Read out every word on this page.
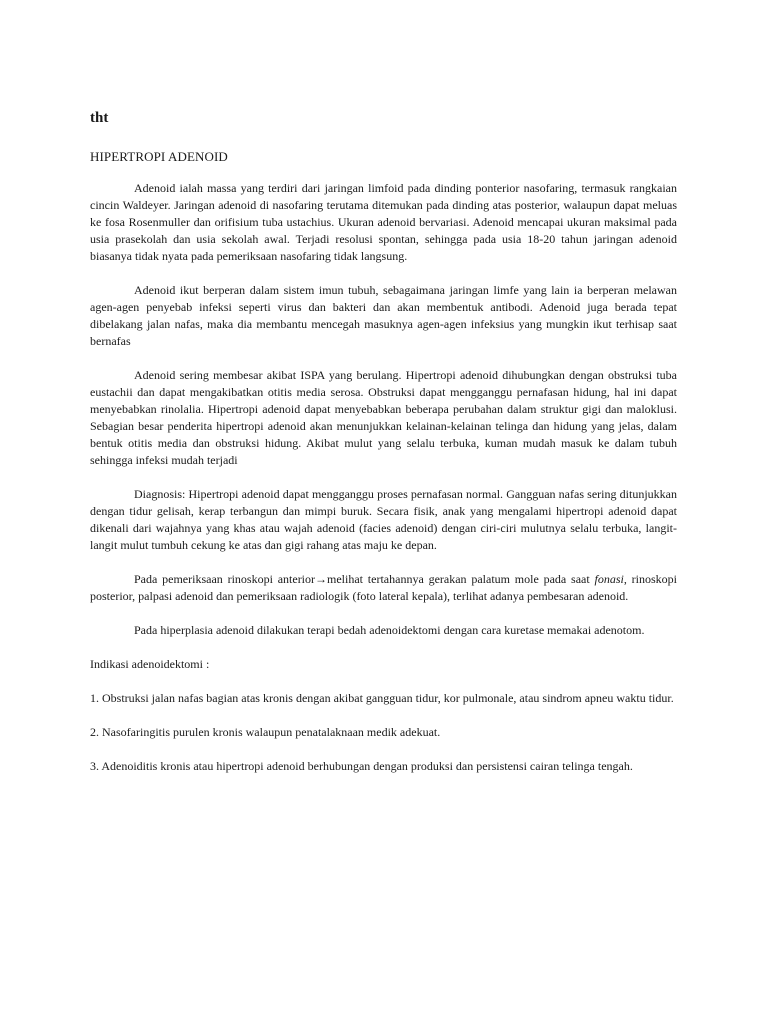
tht
HIPERTROPI ADENOID

Adenoid ialah massa yang terdiri dari jaringan limfoid pada dinding ponterior nasofaring, termasuk rangkaian cincin Waldeyer. Jaringan adenoid di nasofaring terutama ditemukan pada dinding atas posterior, walaupun dapat meluas ke fosa Rosenmuller dan orifisium tuba ustachius. Ukuran adenoid bervariasi. Adenoid mencapai ukuran maksimal pada usia prasekolah dan usia sekolah awal. Terjadi resolusi spontan, sehingga pada usia 18-20 tahun jaringan adenoid biasanya tidak nyata pada pemeriksaan nasofaring tidak langsung.

Adenoid ikut berperan dalam sistem imun tubuh, sebagaimana jaringan limfe yang lain ia berperan melawan agen-agen penyebab infeksi seperti virus dan bakteri dan akan membentuk antibodi. Adenoid juga berada tepat dibelakang jalan nafas, maka dia membantu mencegah masuknya agen-agen infeksius yang mungkin ikut terhisap saat bernafas

Adenoid sering membesar akibat ISPA yang berulang. Hipertropi adenoid dihubungkan dengan obstruksi tuba eustachii dan dapat mengakibatkan otitis media serosa. Obstruksi dapat mengganggu pernafasan hidung, hal ini dapat menyebabkan rinolalia. Hipertropi adenoid dapat menyebabkan beberapa perubahan dalam struktur gigi dan maloklusi. Sebagian besar penderita hipertropi adenoid akan menunjukkan kelainan-kelainan telinga dan hidung yang jelas, dalam bentuk otitis media dan obstruksi hidung. Akibat mulut yang selalu terbuka, kuman mudah masuk ke dalam tubuh sehingga infeksi mudah terjadi

Diagnosis: Hipertropi adenoid dapat mengganggu proses pernafasan normal. Gangguan nafas sering ditunjukkan dengan tidur gelisah, kerap terbangun dan mimpi buruk. Secara fisik, anak yang mengalami hipertropi adenoid dapat dikenali dari wajahnya yang khas atau wajah adenoid (facies adenoid) dengan ciri-ciri mulutnya selalu terbuka, langit-langit mulut tumbuh cekung ke atas dan gigi rahang atas maju ke depan.

Pada pemeriksaan rinoskopi anterior→melihat tertahannya gerakan palatum mole pada saat fonasi, rinoskopi posterior, palpasi adenoid dan pemeriksaan radiologik (foto lateral kepala), terlihat adanya pembesaran adenoid.

Pada hiperplasia adenoid dilakukan terapi bedah adenoidektomi dengan cara kuretase memakai adenotom.

Indikasi adenoidektomi :

1. Obstruksi jalan nafas bagian atas kronis dengan akibat gangguan tidur, kor pulmonale, atau sindrom apneu waktu tidur.
2. Nasofaringitis purulen kronis walaupun penatalaknaan medik adekuat.
3. Adenoiditis kronis atau hipertropi adenoid berhubungan dengan produksi dan persistensi cairan telinga tengah.
